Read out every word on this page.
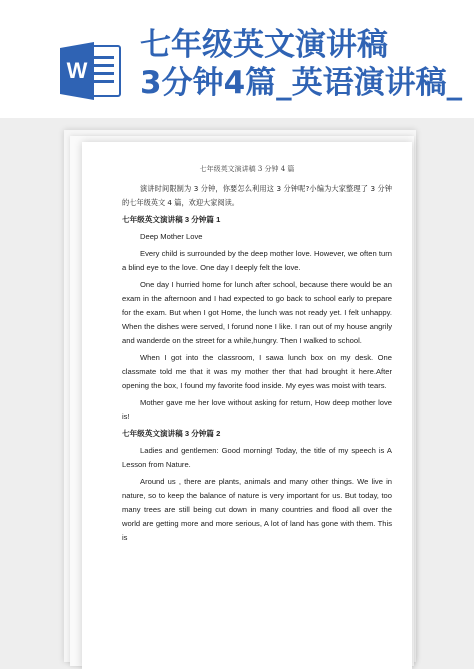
W
七年级英文演讲稿
3分钟4篇_英语演讲稿_
七年级英文演讲稿 3 分钟 4 篇

演讲时间限制为 3 分钟，你要怎么利用这 3 分钟呢?小编为大家整理了 3 分钟的七年级英文 4 篇，欢迎大家阅读。

七年级英文演讲稿 3 分钟篇 1

Deep Mother Love

Every child is surrounded by the deep mother love. However, we often turn a blind eye to the love. One day I deeply felt the love.

One day I hurried home for lunch after school, because there would be an exam in the afternoon and I had expected to go back to school early to prepare for the exam. But when I got Home, the lunch was not ready yet. I felt unhappy. When the dishes were served, I forund none I like. I ran out of my house angrily and wanderde on the street for a while,hungry. Then I walked to school.

When I got into the classroom, I sawa lunch box on my desk. One classmate told me that it was my mother ther that had brought it here.After opening the box, I found my favorite food inside. My eyes was moist with tears.

Mother gave me her love without asking for return, How deep mother love is!

七年级英文演讲稿 3 分钟篇 2

Ladies and gentlemen: Good morning! Today, the title of my speech is A Lesson from Nature.

Around us , there are plants, animals and many other things. We live in nature, so to keep the balance of nature is very important for us. But today, too many trees are still being cut down in many countries and flood all over the world are getting more and more serious, A lot of land has gone with them. This is
